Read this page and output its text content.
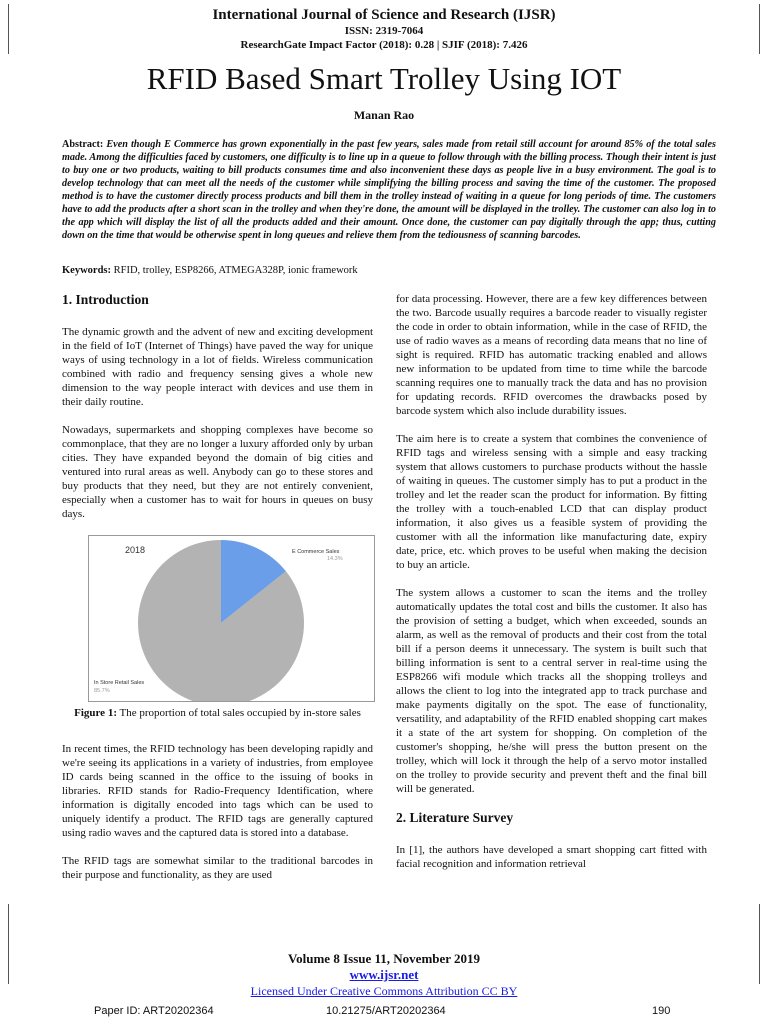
International Journal of Science and Research (IJSR)
ISSN: 2319-7064
ResearchGate Impact Factor (2018): 0.28 | SJIF (2018): 7.426
RFID Based Smart Trolley Using IOT
Manan Rao
Abstract: Even though E Commerce has grown exponentially in the past few years, sales made from retail still account for around 85% of the total sales made. Among the difficulties faced by customers, one difficulty is to line up in a queue to follow through with the billing process. Though their intent is just to buy one or two products, waiting to bill products consumes time and also inconvenient these days as people live in a busy environment. The goal is to develop technology that can meet all the needs of the customer while simplifying the billing process and saving the time of the customer. The proposed method is to have the customer directly process products and bill them in the trolley instead of waiting in a queue for long periods of time. The customers have to add the products after a short scan in the trolley and when they're done, the amount will be displayed in the trolley. The customer can also log in to the app which will display the list of all the products added and their amount. Once done, the customer can pay digitally through the app; thus, cutting down on the time that would be otherwise spent in long queues and relieve them from the tediousness of scanning barcodes.
Keywords: RFID, trolley, ESP8266, ATMEGA328P, ionic framework
1. Introduction

The dynamic growth and the advent of new and exciting development in the field of IoT (Internet of Things) have paved the way for unique ways of using technology in a lot of fields. Wireless communication combined with radio and frequency sensing gives a whole new dimension to the way people interact with devices and use them in their daily routine.

Nowadays, supermarkets and shopping complexes have become so commonplace, that they are no longer a luxury afforded only by urban cities. They have expanded beyond the domain of big cities and ventured into rural areas as well. Anybody can go to these stores and buy products that they need, but they are not entirely convenient, especially when a customer has to wait for hours in queues on busy days.

2018	E Commerce Sales
14.3%
In Store Retail Sales
85.7%
Figure 1: The proportion of total sales occupied by in-store sales

In recent times, the RFID technology has been developing rapidly and we're seeing its applications in a variety of industries, from employee ID cards being scanned in the office to the issuing of books in libraries. RFID stands for Radio-Frequency Identification, where information is digitally encoded into tags which can be used to uniquely identify a product. The RFID tags are generally captured using radio waves and the captured data is stored into a database.

The RFID tags are somewhat similar to the traditional barcodes in their purpose and functionality, as they are used

for data processing. However, there are a few key differences between the two. Barcode usually requires a barcode reader to visually register the code in order to obtain information, while in the case of RFID, the use of radio waves as a means of recording data means that no line of sight is required. RFID has automatic tracking enabled and allows new information to be updated from time to time while the barcode scanning requires one to manually track the data and has no provision for updating records. RFID overcomes the drawbacks posed by barcode system which also include durability issues.

The aim here is to create a system that combines the convenience of RFID tags and wireless sensing with a simple and easy tracking system that allows customers to purchase products without the hassle of waiting in queues. The customer simply has to put a product in the trolley and let the reader scan the product for information. By fitting the trolley with a touch-enabled LCD that can display product information, it also gives us a feasible system of providing the customer with all the information like manufacturing date, expiry date, price, etc. which proves to be useful when making the decision to buy an article.

The system allows a customer to scan the items and the trolley automatically updates the total cost and bills the customer. It also has the provision of setting a budget, which when exceeded, sounds an alarm, as well as the removal of products and their cost from the total bill if a person deems it unnecessary. The system is built such that billing information is sent to a central server in real-time using the ESP8266 wifi module which tracks all the shopping trolleys and allows the client to log into the integrated app to track purchase and make payments digitally on the spot. The ease of functionality, versatility, and adaptability of the RFID enabled shopping cart makes it a state of the art system for shopping. On completion of the customer's shopping, he/she will press the button present on the trolley, which will lock it through the help of a servo motor installed on the trolley to provide security and prevent theft and the final bill will be generated.

2. Literature Survey

In [1], the authors have developed a smart shopping cart fitted with facial recognition and information retrieval

Volume 8 Issue 11, November 2019
www.ijsr.net
Licensed Under Creative Commons Attribution CC BY
Paper ID: ART20202364	10.21275/ART20202364	190
